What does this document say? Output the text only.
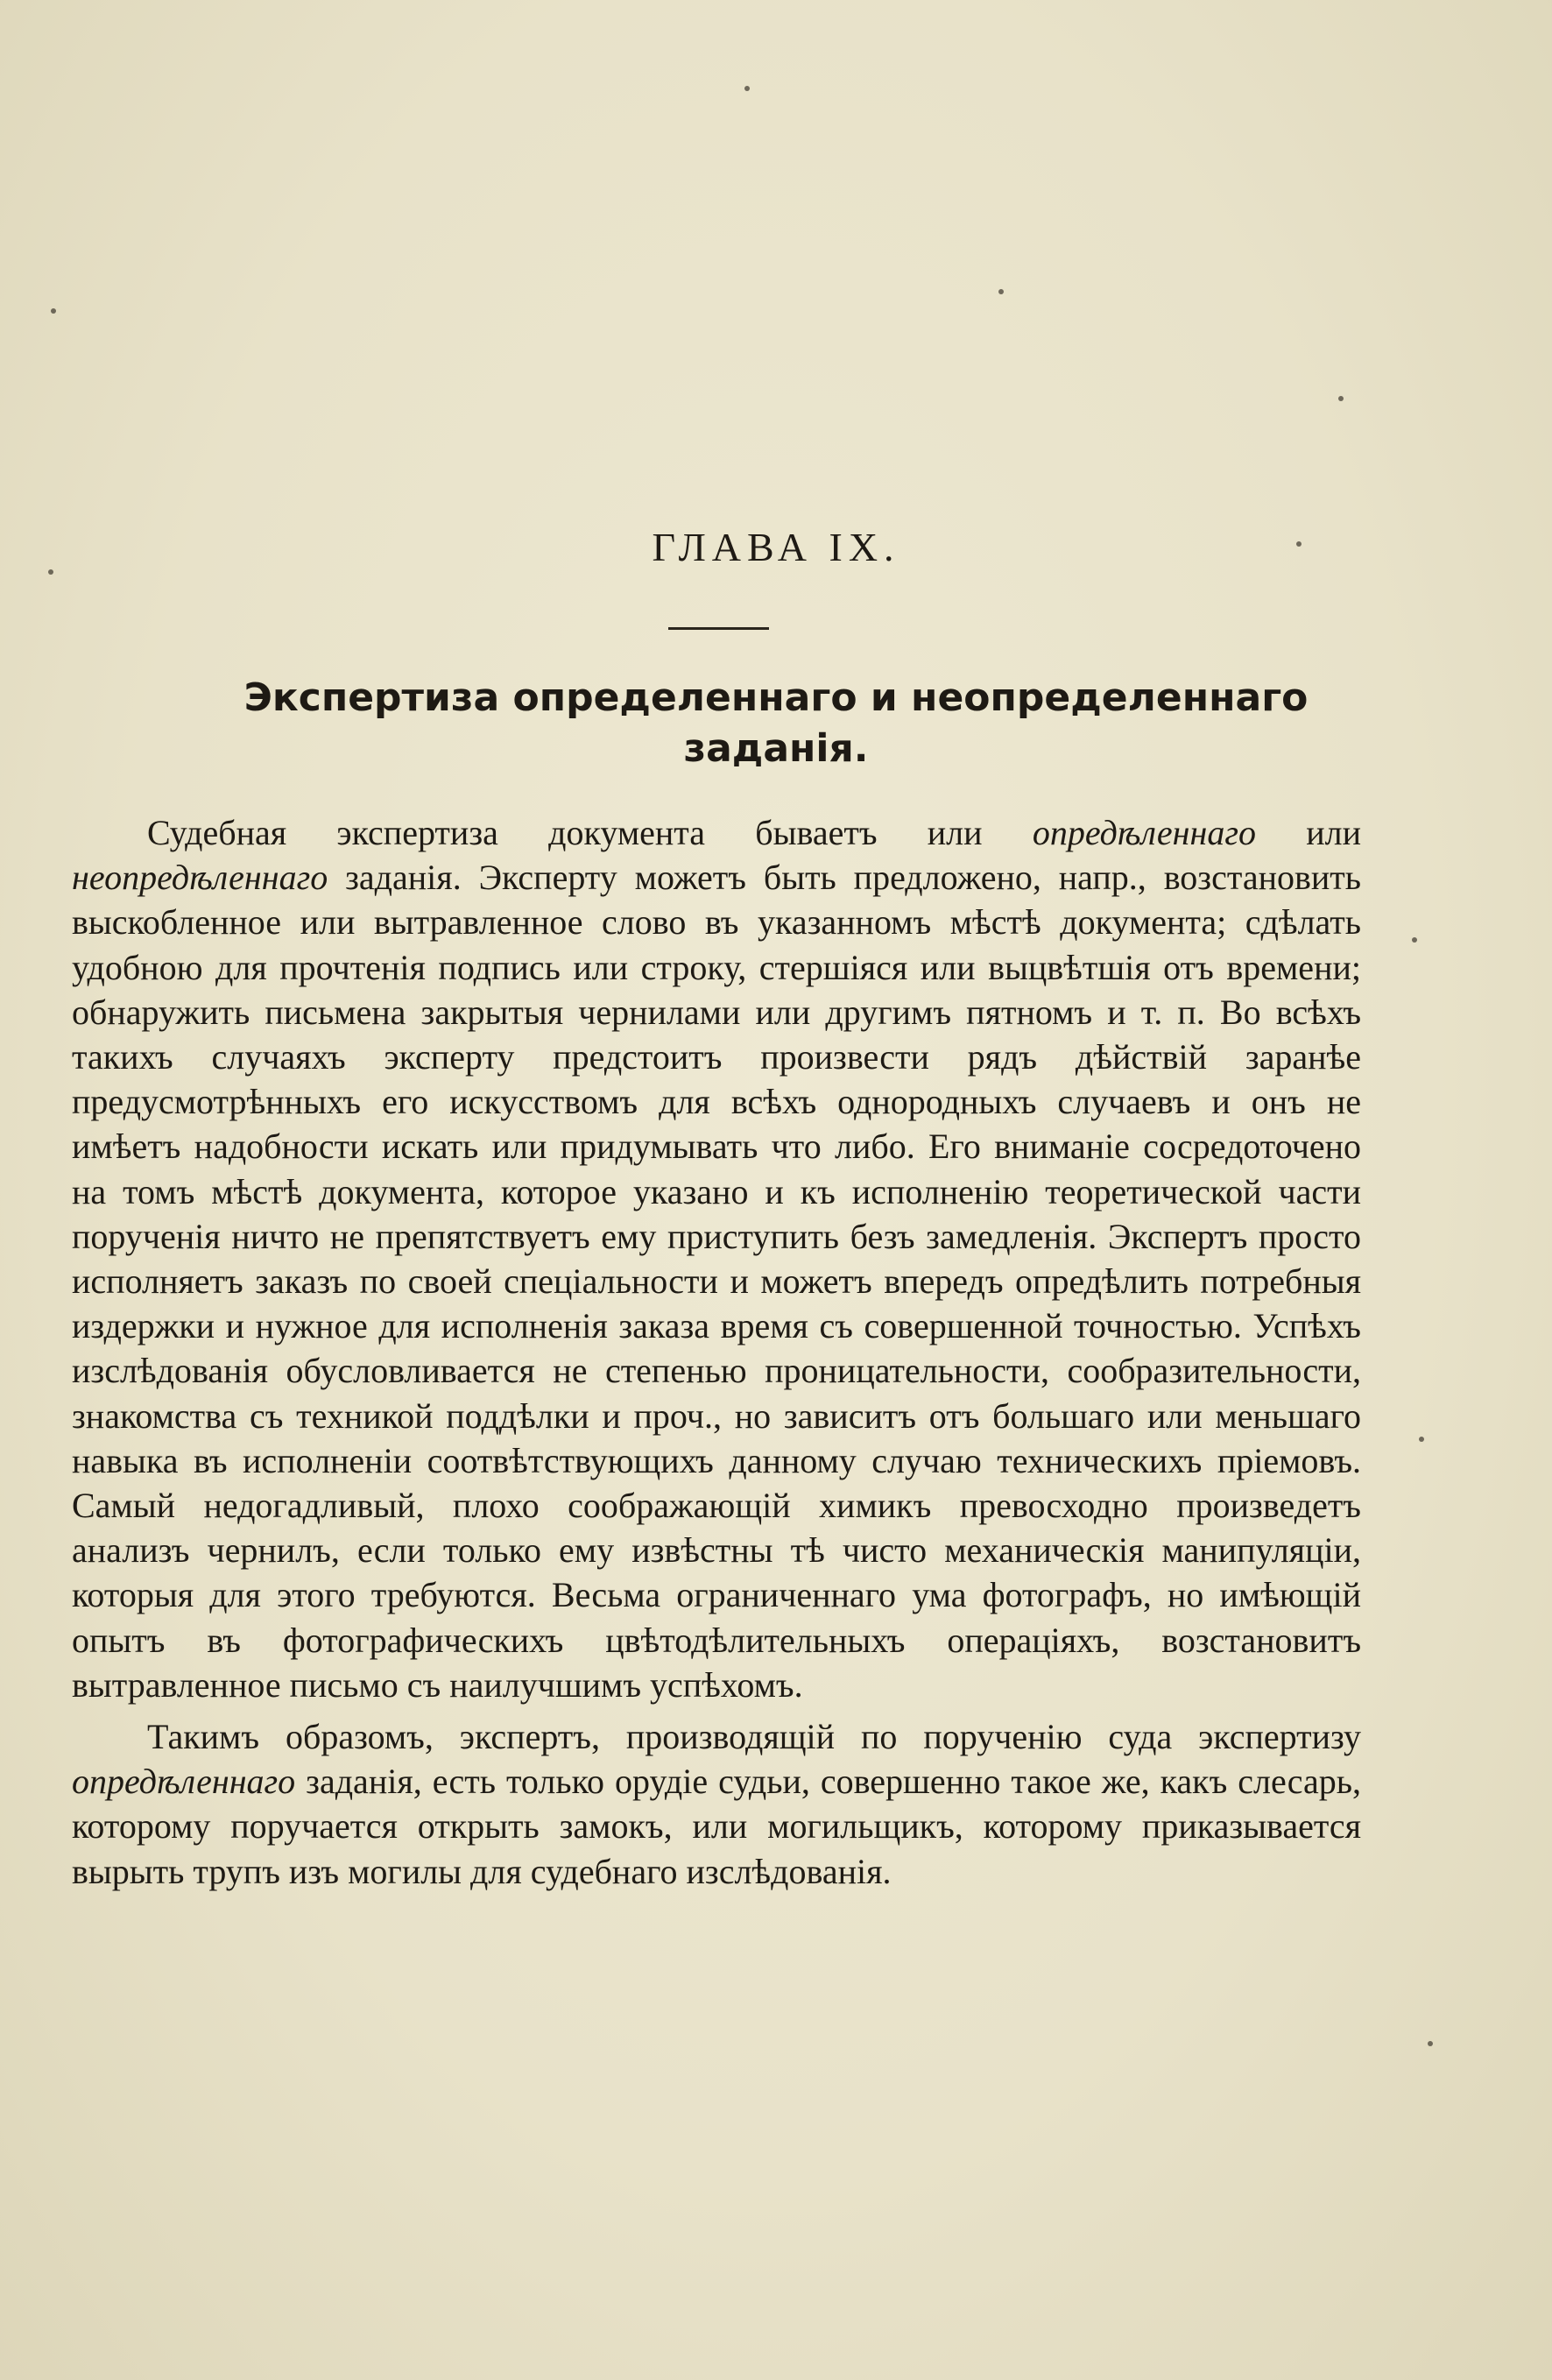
ГЛАВА IX.
Экспертиза определеннаго и неопределеннаго
заданія.

Судебная экспертиза документа бываетъ или опредѣленнаго или неопредѣленнаго заданія. Эксперту можетъ быть предложено, напр., возстановить выскобленное или вытравленное слово въ указанномъ мѣстѣ документа; сдѣлать удобною для прочтенія подпись или строку, стершіяся или выцвѣтшія отъ времени; обнаружить письмена закрытыя чернилами или другимъ пятномъ и т. п. Во всѣхъ такихъ случаяхъ эксперту предстоитъ произвести рядъ дѣйствій заранѣе предусмотрѣнныхъ его искусствомъ для всѣхъ однородныхъ случаевъ и онъ не имѣетъ надобности искать или придумывать что либо. Его вниманіе сосредоточено на томъ мѣстѣ документа, которое указано и къ исполненію теоретической части порученія ничто не препятствуетъ ему приступить безъ замедленія. Экспертъ просто исполняетъ заказъ по своей спеціальности и можетъ впередъ опредѣлить потребныя издержки и нужное для исполненія заказа время съ совершенной точностью. Успѣхъ изслѣдованія обусловливается не степенью проницательности, сообразительности, знакомства съ техникой поддѣлки и проч., но зависитъ отъ большаго или меньшаго навыка въ исполненіи соотвѣтствующихъ данному случаю техническихъ пріемовъ. Самый недогадливый, плохо соображающій химикъ превосходно произведетъ анализъ чернилъ, если только ему извѣстны тѣ чисто механическія манипуляціи, которыя для этого требуются. Весьма ограниченнаго ума фотографъ, но имѣющій опытъ въ фотографическихъ цвѣтодѣлительныхъ операціяхъ, возстановитъ вытравленное письмо съ наилучшимъ успѣхомъ.

Такимъ образомъ, экспертъ, производящій по порученію суда экспертизу опредѣленнаго заданія, есть только орудіе судьи, совершенно такое же, какъ слесарь, которому поручается открыть замокъ, или могильщикъ, которому приказывается вырыть трупъ изъ могилы для судебнаго изслѣдованія.
